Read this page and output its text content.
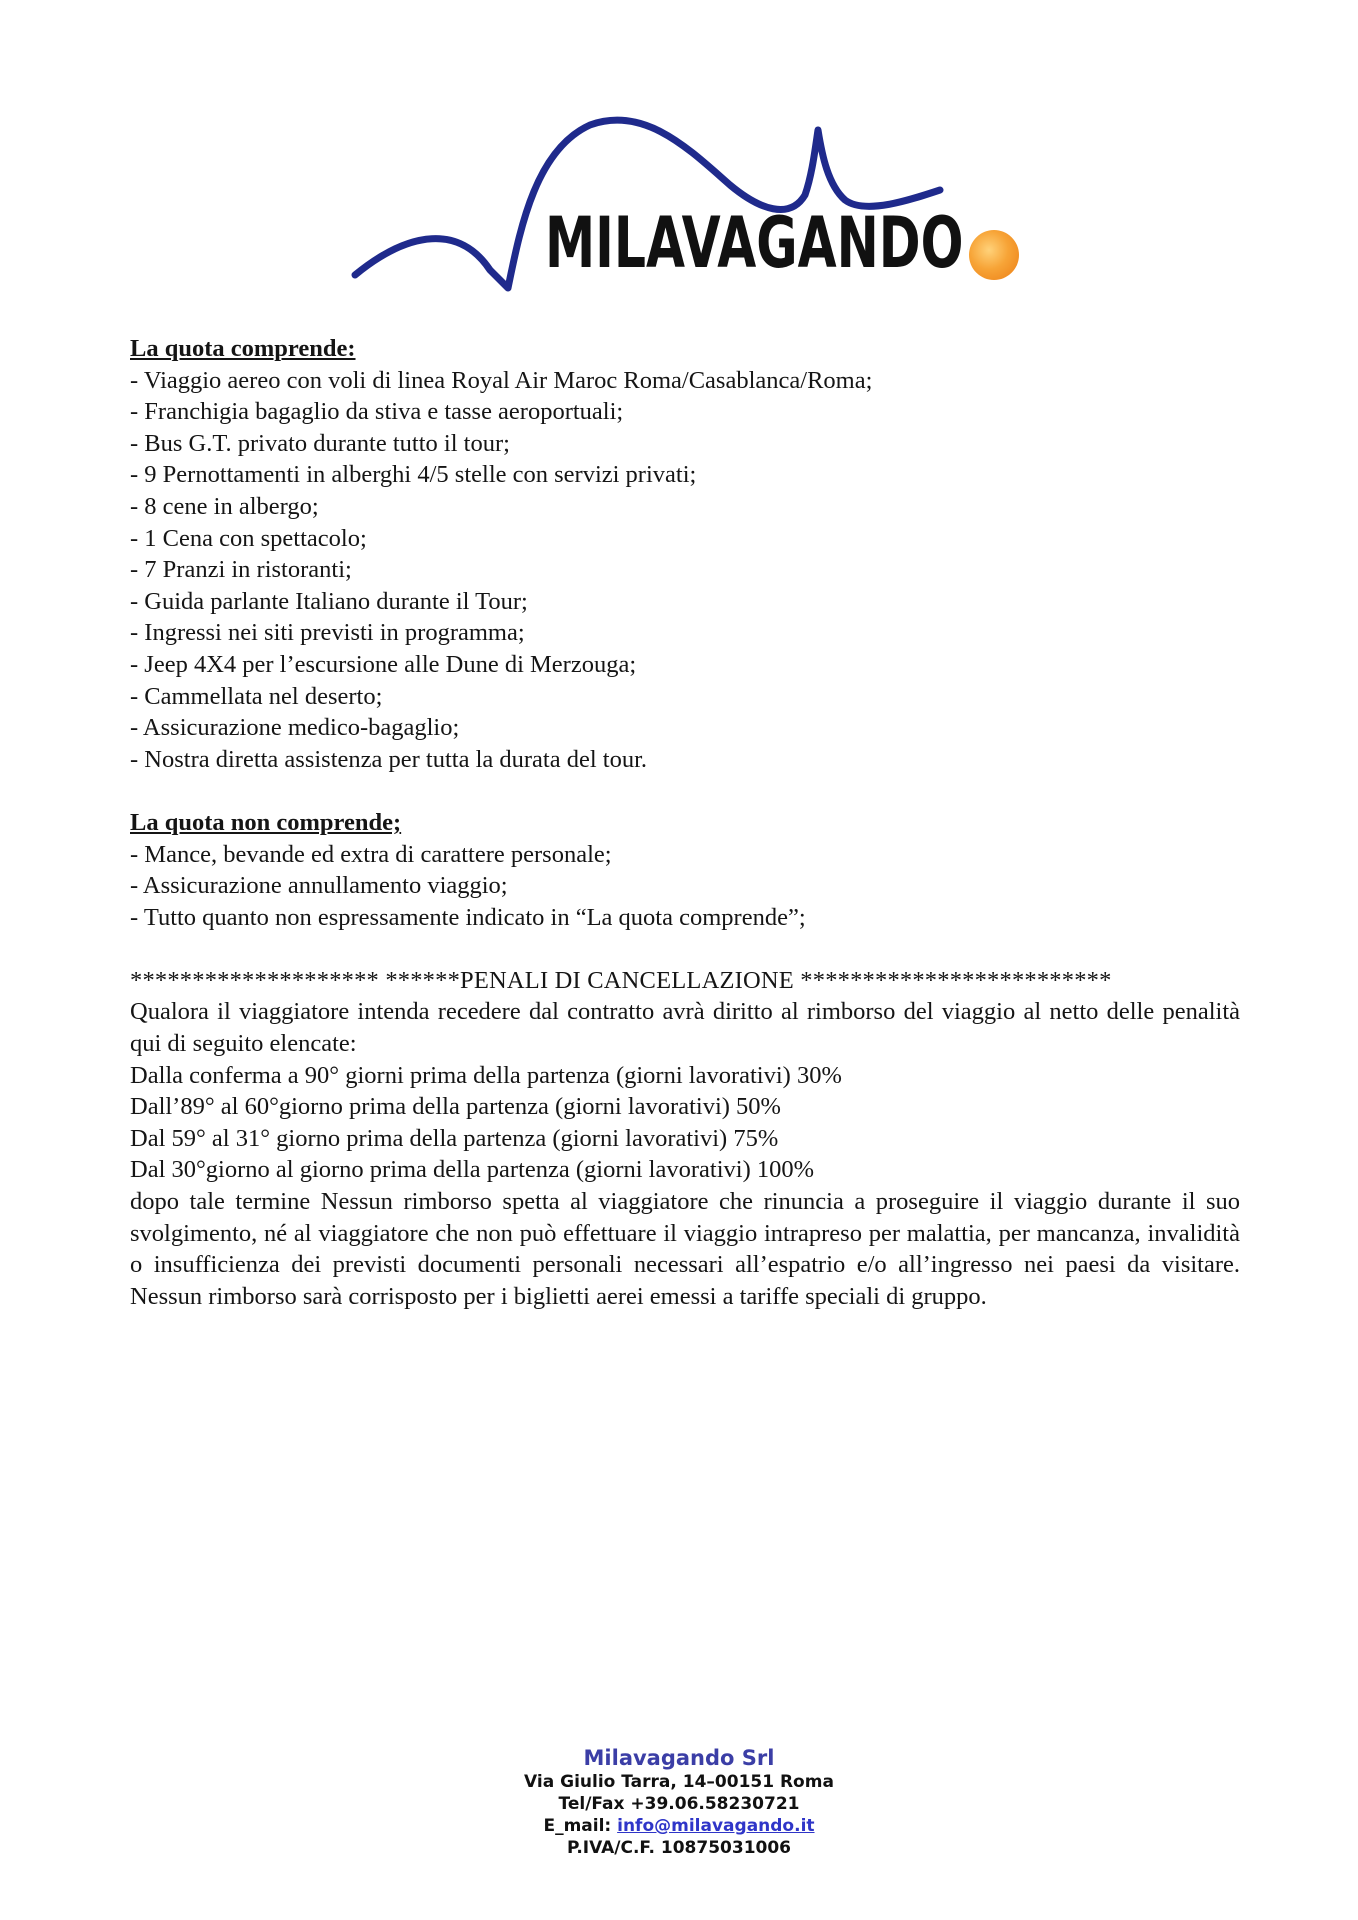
MILAVAGANDO
La quota comprende:
- Viaggio aereo con voli di linea Royal Air Maroc Roma/Casablanca/Roma;
- Franchigia bagaglio da stiva e tasse aeroportuali;
- Bus G.T. privato durante tutto il tour;
- 9 Pernottamenti in alberghi 4/5 stelle con servizi privati;
- 8 cene in albergo;
- 1 Cena con spettacolo;
- 7 Pranzi in ristoranti;
- Guida parlante Italiano durante il Tour;
- Ingressi nei siti previsti in programma;
- Jeep 4X4 per l’escursione alle Dune di Merzouga;
- Cammellata nel deserto;
- Assicurazione medico-bagaglio;
- Nostra diretta assistenza per tutta la durata del tour.
La quota non comprende;
- Mance, bevande ed extra di carattere personale;
- Assicurazione annullamento viaggio;
- Tutto quanto non espressamente indicato in “La quota comprende”;
******************** ******PENALI DI CANCELLAZIONE *************************
Qualora il viaggiatore intenda recedere dal contratto avrà diritto al rimborso del viaggio al netto delle penalità qui di seguito elencate:
Dalla conferma a 90° giorni prima della partenza (giorni lavorativi) 30%
Dall’89° al 60°giorno prima della partenza (giorni lavorativi) 50%
Dal 59° al 31° giorno prima della partenza (giorni lavorativi) 75%
Dal 30°giorno al giorno prima della partenza (giorni lavorativi) 100%
dopo tale termine Nessun rimborso spetta al viaggiatore che rinuncia a proseguire il viaggio durante il suo svolgimento, né al viaggiatore che non può effettuare il viaggio intrapreso per malattia, per mancanza, invalidità o insufficienza dei previsti documenti personali necessari all’espatrio e/o all’ingresso nei paesi da visitare. Nessun rimborso sarà corrisposto per i biglietti aerei emessi a tariffe speciali di gruppo.
Milavagando Srl
Via Giulio Tarra, 14–00151 Roma
Tel/Fax +39.06.58230721
E_mail: info@milavagando.it
P.IVA/C.F. 10875031006
